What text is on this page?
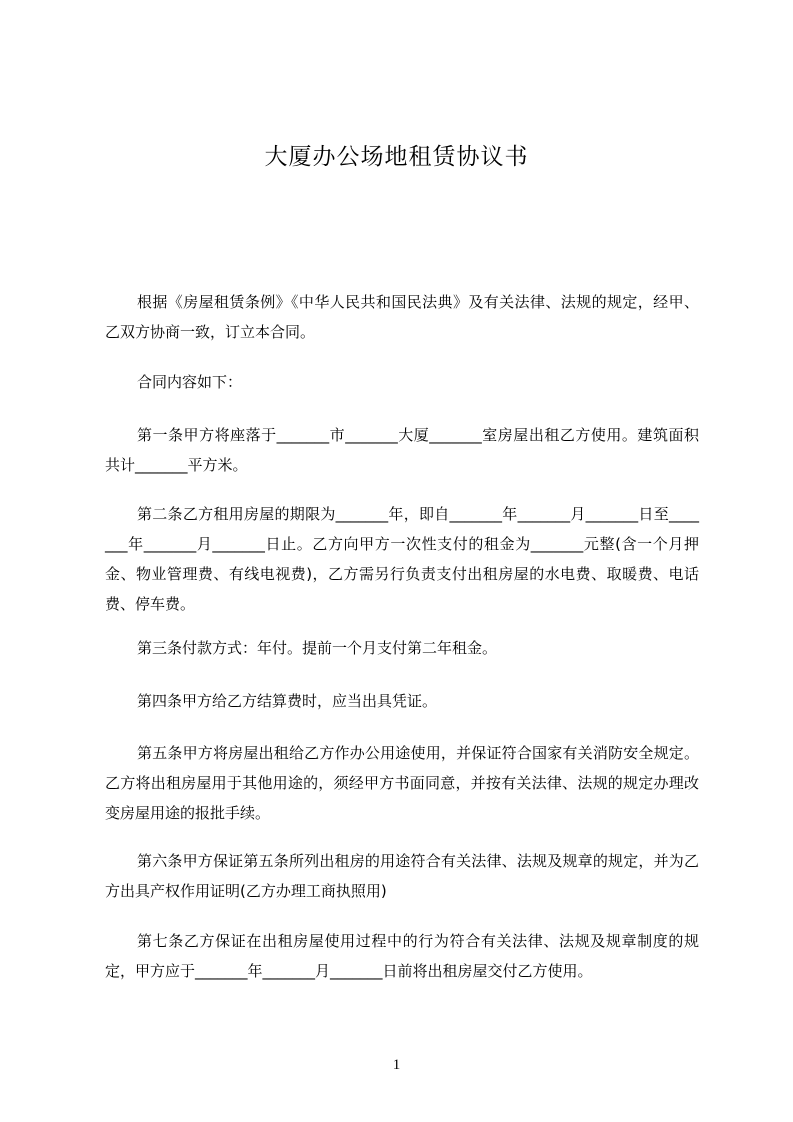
大厦办公场地租赁协议书

根据《房屋租赁条例》《中华人民共和国民法典》及有关法律、法规的规定，经甲、乙双方协商一致，订立本合同。

合同内容如下：

第一条甲方将座落于_______市_______大厦_______室房屋出租乙方使用。建筑面积共计_______平方米。

第二条乙方租用房屋的期限为_______年，即自_______年_______月_______日至_______年_______月_______日止。乙方向甲方一次性支付的租金为_______元整(含一个月押金、物业管理费、有线电视费)，乙方需另行负责支付出租房屋的水电费、取暖费、电话费、停车费。

第三条付款方式：年付。提前一个月支付第二年租金。

第四条甲方给乙方结算费时，应当出具凭证。

第五条甲方将房屋出租给乙方作办公用途使用，并保证符合国家有关消防安全规定。乙方将出租房屋用于其他用途的，须经甲方书面同意，并按有关法律、法规的规定办理改变房屋用途的报批手续。

第六条甲方保证第五条所列出租房的用途符合有关法律、法规及规章的规定，并为乙方出具产权作用证明(乙方办理工商执照用)

第七条乙方保证在出租房屋使用过程中的行为符合有关法律、法规及规章制度的规定，甲方应于_______年_______月_______日前将出租房屋交付乙方使用。

1
